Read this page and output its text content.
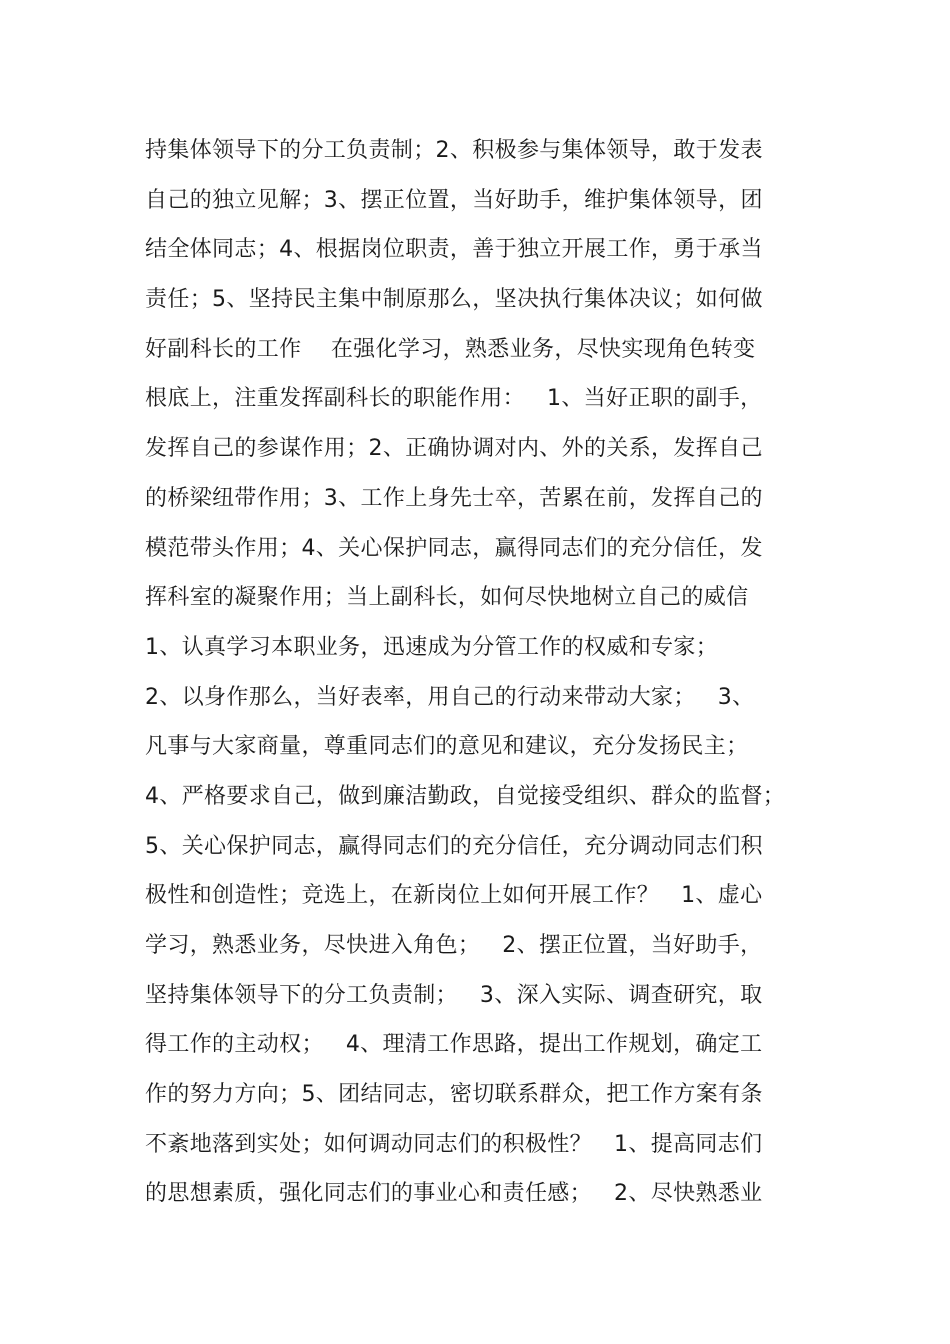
持集体领导下的分工负责制；2、积极参与集体领导，敢于发表
自己的独立见解；3、摆正位置，当好助手，维护集体领导，团
结全体同志；4、根据岗位职责，善于独立开展工作，勇于承当
责任；5、坚持民主集中制原那么，坚决执行集体决议；如何做
好副科长的工作    在强化学习，熟悉业务，尽快实现角色转变
根底上，注重发挥副科长的职能作用：   1、当好正职的副手，
发挥自己的参谋作用；2、正确协调对内、外的关系，发挥自己
的桥梁纽带作用；3、工作上身先士卒，苦累在前，发挥自己的
模范带头作用；4、关心保护同志，赢得同志们的充分信任，发
挥科室的凝聚作用；当上副科长，如何尽快地树立自己的威信
1、认真学习本职业务，迅速成为分管工作的权威和专家；
2、以身作那么，当好表率，用自己的行动来带动大家；   3、
凡事与大家商量，尊重同志们的意见和建议，充分发扬民主；
4、严格要求自己，做到廉洁勤政，自觉接受组织、群众的监督；
5、关心保护同志，赢得同志们的充分信任，充分调动同志们积
极性和创造性；竞选上，在新岗位上如何开展工作？   1、虚心
学习，熟悉业务，尽快进入角色；   2、摆正位置，当好助手，
坚持集体领导下的分工负责制；   3、深入实际、调查研究，取
得工作的主动权；   4、理清工作思路，提出工作规划，确定工
作的努力方向；5、团结同志，密切联系群众，把工作方案有条
不紊地落到实处；如何调动同志们的积极性？   1、提高同志们
的思想素质，强化同志们的事业心和责任感；   2、尽快熟悉业
